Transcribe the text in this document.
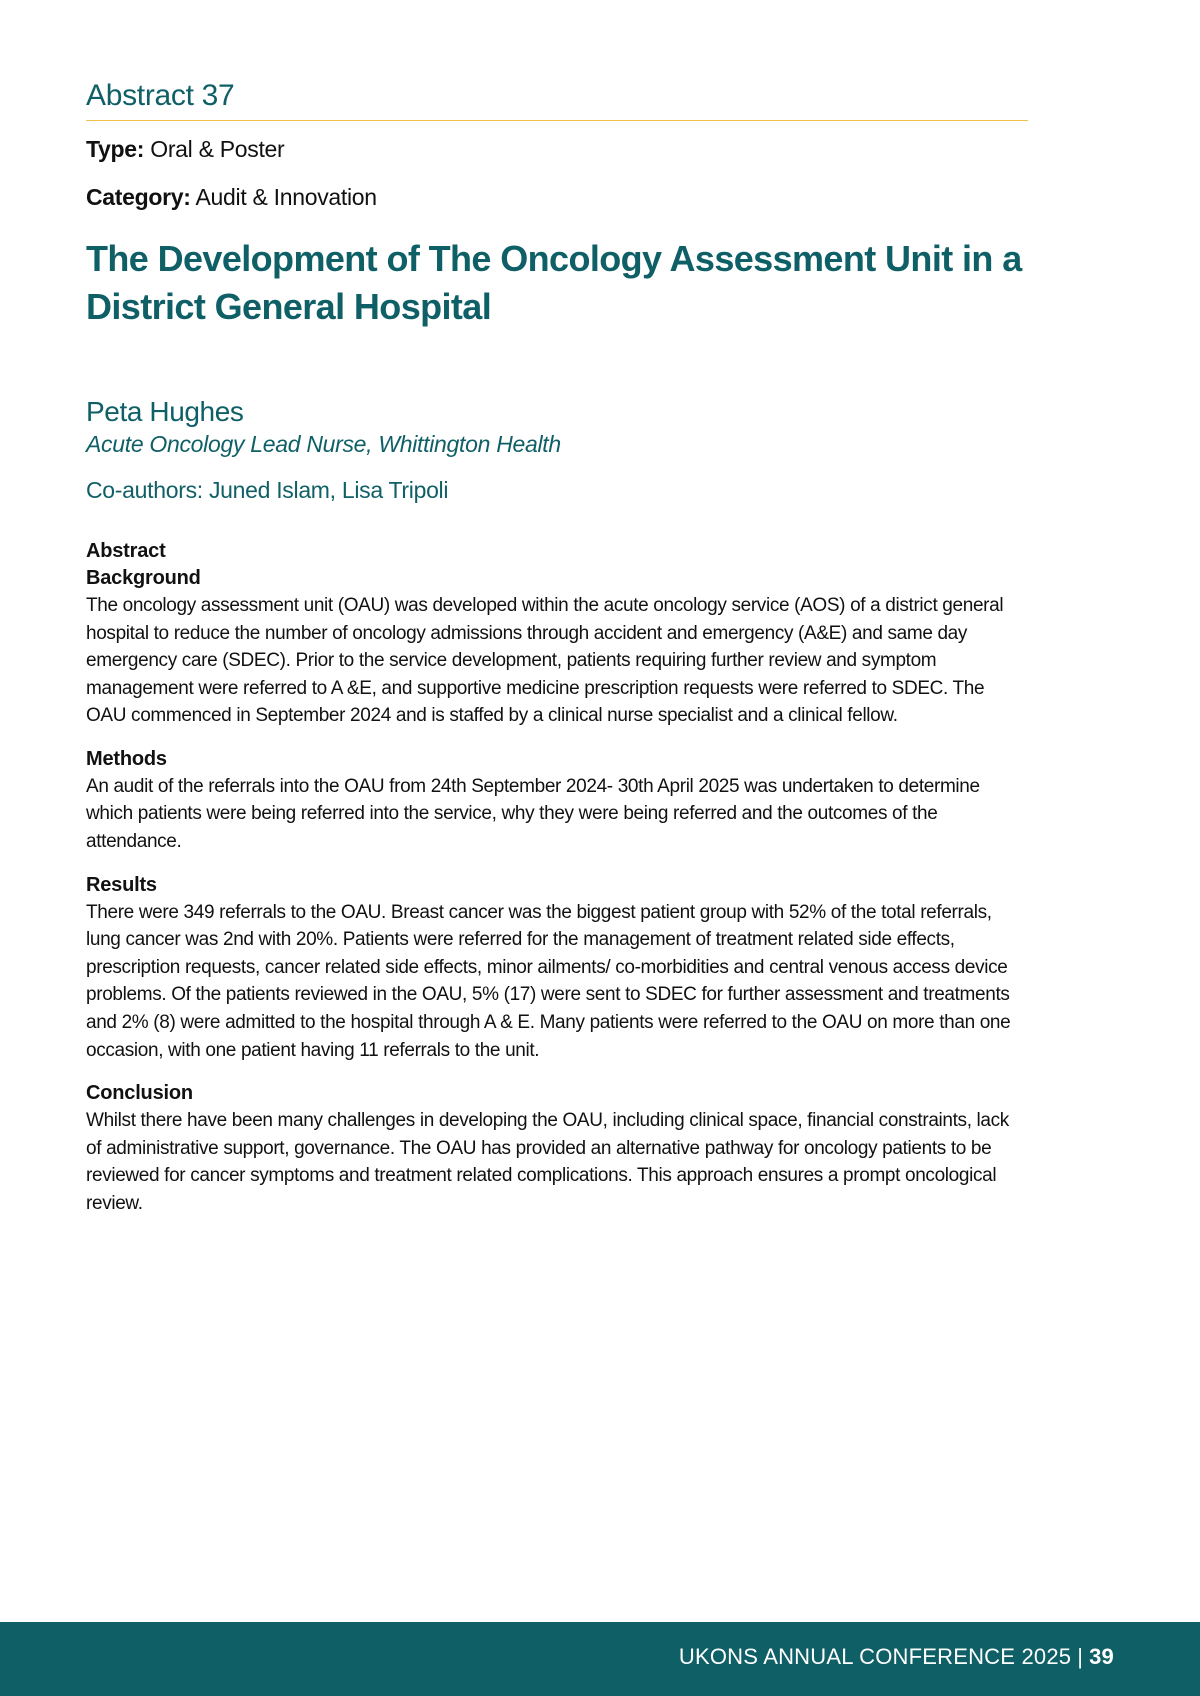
Abstract 37
Type: Oral & Poster
Category: Audit & Innovation
The Development of The Oncology Assessment Unit in a District General Hospital
Peta Hughes
Acute Oncology Lead Nurse, Whittington Health
Co-authors: Juned Islam, Lisa Tripoli
Abstract
Background

The oncology assessment unit (OAU) was developed within the acute oncology service (AOS) of a district general hospital to reduce the number of oncology admissions through accident and emergency (A&E) and same day emergency care (SDEC). Prior to the service development, patients requiring further review and symptom management were referred to A &E, and supportive medicine prescription requests were referred to SDEC. The OAU commenced in September 2024 and is staffed by a clinical nurse specialist and a clinical fellow.

Methods

An audit of the referrals into the OAU from 24th September 2024- 30th April 2025 was undertaken to determine which patients were being referred into the service, why they were being referred and the outcomes of the attendance.

Results

There were 349 referrals to the OAU. Breast cancer was the biggest patient group with 52% of the total referrals, lung cancer was 2nd with 20%. Patients were referred for the management of treatment related side effects, prescription requests, cancer related side effects, minor ailments/ co-morbidities and central venous access device problems. Of the patients reviewed in the OAU, 5% (17) were sent to SDEC for further assessment and treatments and 2% (8) were admitted to the hospital through A & E. Many patients were referred to the OAU on more than one occasion, with one patient having 11 referrals to the unit.

Conclusion

Whilst there have been many challenges in developing the OAU, including clinical space, financial constraints, lack of administrative support, governance. The OAU has provided an alternative pathway for oncology patients to be reviewed for cancer symptoms and treatment related complications. This approach ensures a prompt oncological review.

UKONS ANNUAL CONFERENCE 2025 | 39
